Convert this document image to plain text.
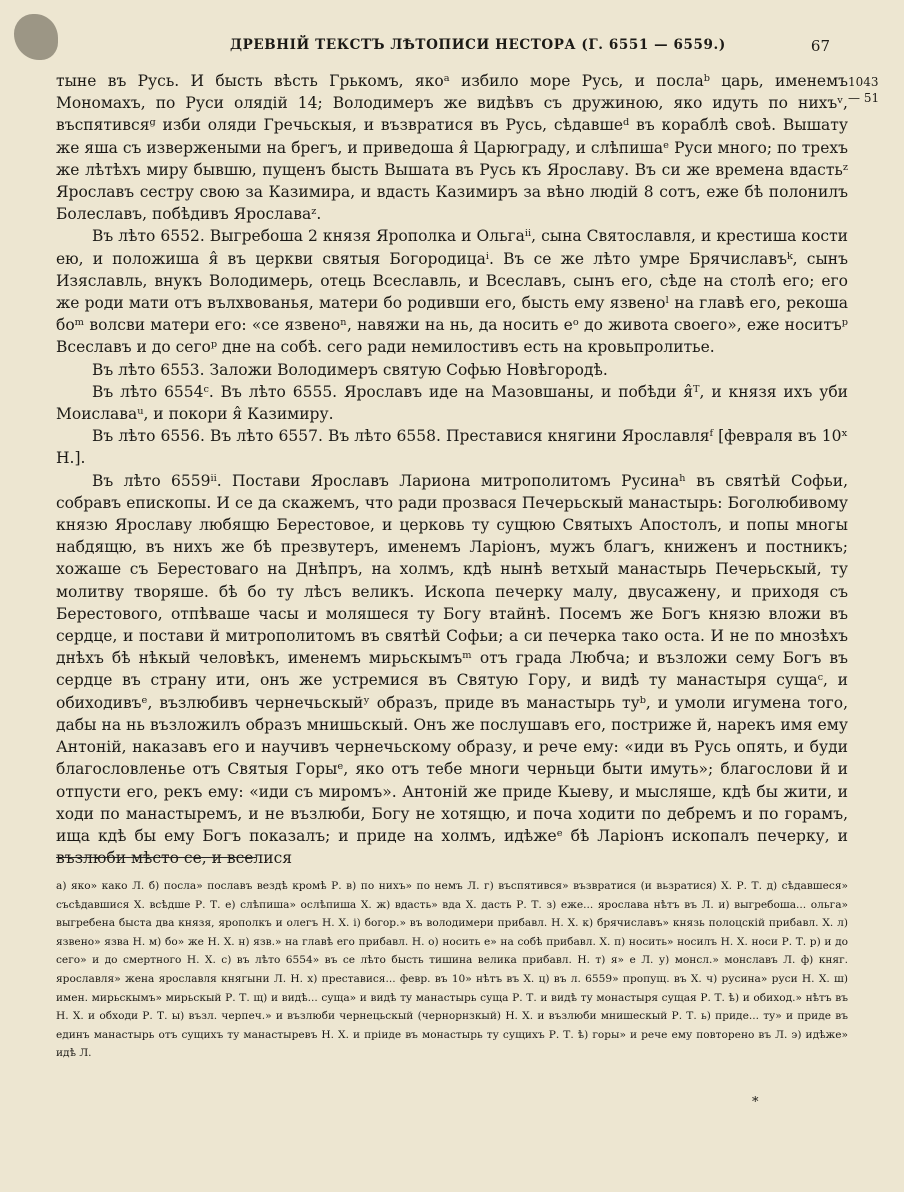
ДРЕВНІЙ ТЕКСТЪ ЛѢТОПИСИ НЕСТОРА (Г. 6551 — 6559.)	67
1043
— 51

тыне въ Русь. И бысть вѣсть Грькомъ, якоᵃ избило море Русь, и послаᵇ царь, именемъ Мономахъ, по Руси олядій 14; Володимеръ же видѣвъ съ дружиною, яко идуть по нихъᵛ, въспятивсяᵍ изби оляди Гречьскыя, и възвратися въ Русь, сѣдавшеᵈ въ кораблѣ своѣ. Вышату же яша съ извержеными на брегъ, и приведоша я̂ Царюграду, и слѣпишаᵉ Руси много; по трехъ же лѣтѣхъ миру бывшю, пущенъ бысть Вышата въ Русь къ Ярославу. Въ си же времена вдастьᶻ Ярославъ сестру свою за Казимира, и вдасть Казимиръ за вѣно людій 8 сотъ, еже бѣ полонилъ Болеславъ, побѣдивъ Ярославаᶻ.

Въ лѣто 6552. Выгребоша 2 князя Ярополка и Ольгаⁱⁱ, сына Святославля, и крестиша кости ею, и положиша я̂ въ церкви святыя Богородицаⁱ. Въ се же лѣто умре Брячиславъᵏ, сынъ Изяславль, внукъ Володимерь, отець Всеславль, и Всеславъ, сынъ его, сѣде на столѣ его; его же роди мати отъ вълхвованья, матери бо родивши его, бысть ему язвеноˡ на главѣ его, рекоша боᵐ волсви матери его: «се язвеноⁿ, навяжи на нь, да носить еᵒ до живота своего», еже носитъᵖ Всеславъ и до сегоᵖ дне на собѣ. сего ради немилостивъ есть на кровьпролитье.

Въ лѣто 6553. Заложи Володимеръ святую Софью Новѣгородѣ.

Въ лѣто 6554ᶜ. Въ лѣто 6555. Ярославъ иде на Мазовшаны, и побѣди я̂ᵀ, и князя ихъ уби Моиславаᵘ, и покори я̂ Казимиру.

Въ лѣто 6556. Въ лѣто 6557. Въ лѣто 6558. Преставися княгини Ярославляᶠ [февраля въ 10ˣ Н.].

Въ лѣто 6559ⁱⁱ. Постави Ярославъ Лариона митрополитомъ Русинаʰ въ святѣй Софьи, собравъ епископы. И се да скажемъ, что ради прозвася Печерьскый манастырь: Боголюбивому князю Ярославу любящю Берестовое, и церковь ту сущюю Святыхъ Апостолъ, и попы многы набдящю, въ нихъ же бѣ презвутеръ, именемъ Ларіонъ, мужъ благъ, книженъ и постникъ; хожаше съ Берестоваго на Днѣпръ, на холмъ, кдѣ нынѣ ветхый манастырь Печерьскый, ту молитву творяше. бѣ бо ту лѣсъ великъ. Ископа печерку малу, двусажену, и приходя съ Берестового, отпѣваше часы и моляшеся ту Богу втайнѣ. Посемъ же Богъ князю вложи въ сердце, и постави й митрополитомъ въ святѣй Софьи; а си печерка тако оста. И не по мнозѣхъ днѣхъ бѣ нѣкый человѣкъ, именемъ мирьскымъᵐ отъ града Любча; и възложи сему Богъ въ сердце въ страну ити, онъ же устремися въ Святую Гору, и видѣ ту манастыря сущаᶜ, и обиходивъᵉ, възлюбивъ чернечьскыйʸ образъ, приде въ манастырь туᵇ, и умоли игумена того, дабы на нь възложилъ образъ мнишьскый. Онъ же послушавъ его, постриже й, нарекъ имя ему Антоній, наказавъ его и научивъ чернечьскому образу, и рече ему: «иди въ Русь опять, и буди благословленье отъ Святыя Горыᵉ, яко отъ тебе многи черньци быти имуть»; благослови й и отпусти его, рекъ ему: «иди съ миромъ». Антоній же приде Кыеву, и мысляше, кдѣ бы жити, и ходи по манастыремъ, и не възлюби, Богу не хотящю, и поча ходити по дебремъ и по горамъ, ища кдѣ бы ему Богъ показалъ; и приде на холмъ, идѣжеᵉ бѣ Ларіонъ ископалъ печерку, и възлюби мѣсто се, и вселися

а) яко» како Л. б) посла» пославъ вездѣ кромѣ Р. в) по нихъ» по немъ Л. г) въспятився» възвратися (и вьзратися) Х. Р. Т. д) сѣдавшеся» съсѣдавшися Х. всѣдше Р. Т. е) слѣпиша» ослѣпиша Х. ж) вдасть» вда Х. дасть Р. Т. з) еже... ярослава нѣтъ въ Л. и) выгребоша... ольга» выгребена быста два князя, ярополкъ и олегъ Н. Х. і) богор.» въ володимери прибавл. Н. Х. к) брячиславъ» князь полоцскій прибавл. Х. л) язвено» язва Н. м) бо» же Н. Х. н) язв.» на главѣ его прибавл. Н. о) носить е» на собѣ прибавл. Х. п) носить» носилъ Н. Х. носи Р. Т. р) и до сего» и до смертного Н. Х. с) въ лѣто 6554» въ се лѣто бысть тишина велика прибавл. Н. т) я» е Л. у) монсл.» монславъ Л. ф) княг. ярославля» жена ярославля княгыни Л. Н. х) преставися... февр. въ 10» нѣтъ въ Х. ц) въ л. 6559» пропущ. въ Х. ч) русина» руси Н. Х. ш) имен. мирьскымъ» мирьскый Р. Т. щ) и видѣ... суща» и видѣ ту манастырь суща Р. Т. и видѣ ту монастыря сущая Р. Т. ѣ) и обиход.» нѣтъ въ Н. Х. и обходи Р. Т. ы) възл. черпеч.» и възлюби чернецьскый (чернорнзкый) Н. Х. и възлюби мнишескый Р. Т. ь) приде... ту» и приде въ единъ манастырь отъ сущихъ ту манастыревъ Н. Х. и прiиде въ монастырь ту сущихъ Р. Т. ѣ) горы» и рече ему повторено въ Л. э) идѣже» идѣ Л.

*
